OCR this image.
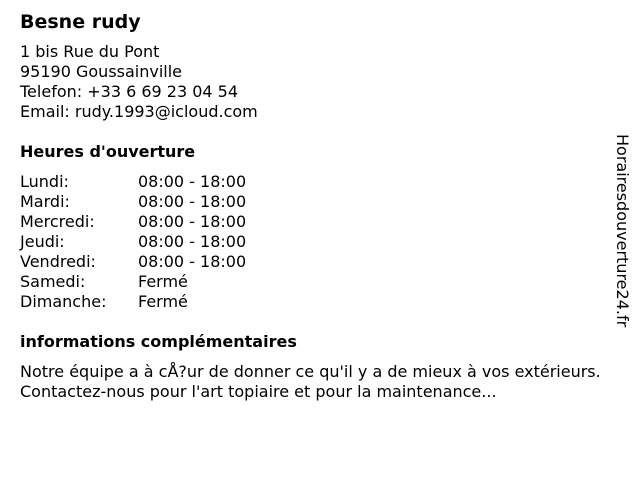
Besne rudy
1 bis Rue du Pont
95190 Goussainville
Telefon: +33 6 69 23 04 54
Email: rudy.1993@icloud.com
Heures d'ouverture
Lundi:	08:00 - 18:00
Mardi:	08:00 - 18:00
Mercredi:	08:00 - 18:00
Jeudi:	08:00 - 18:00
Vendredi:	08:00 - 18:00
Samedi:	Fermé
Dimanche:	Fermé
informations complémentaires
Notre équipe a à cÅ?ur de donner ce qu'il y a de mieux à vos extérieurs. Contactez-nous pour l'art topiaire et pour la maintenance...
Horairesdouverture24.fr
